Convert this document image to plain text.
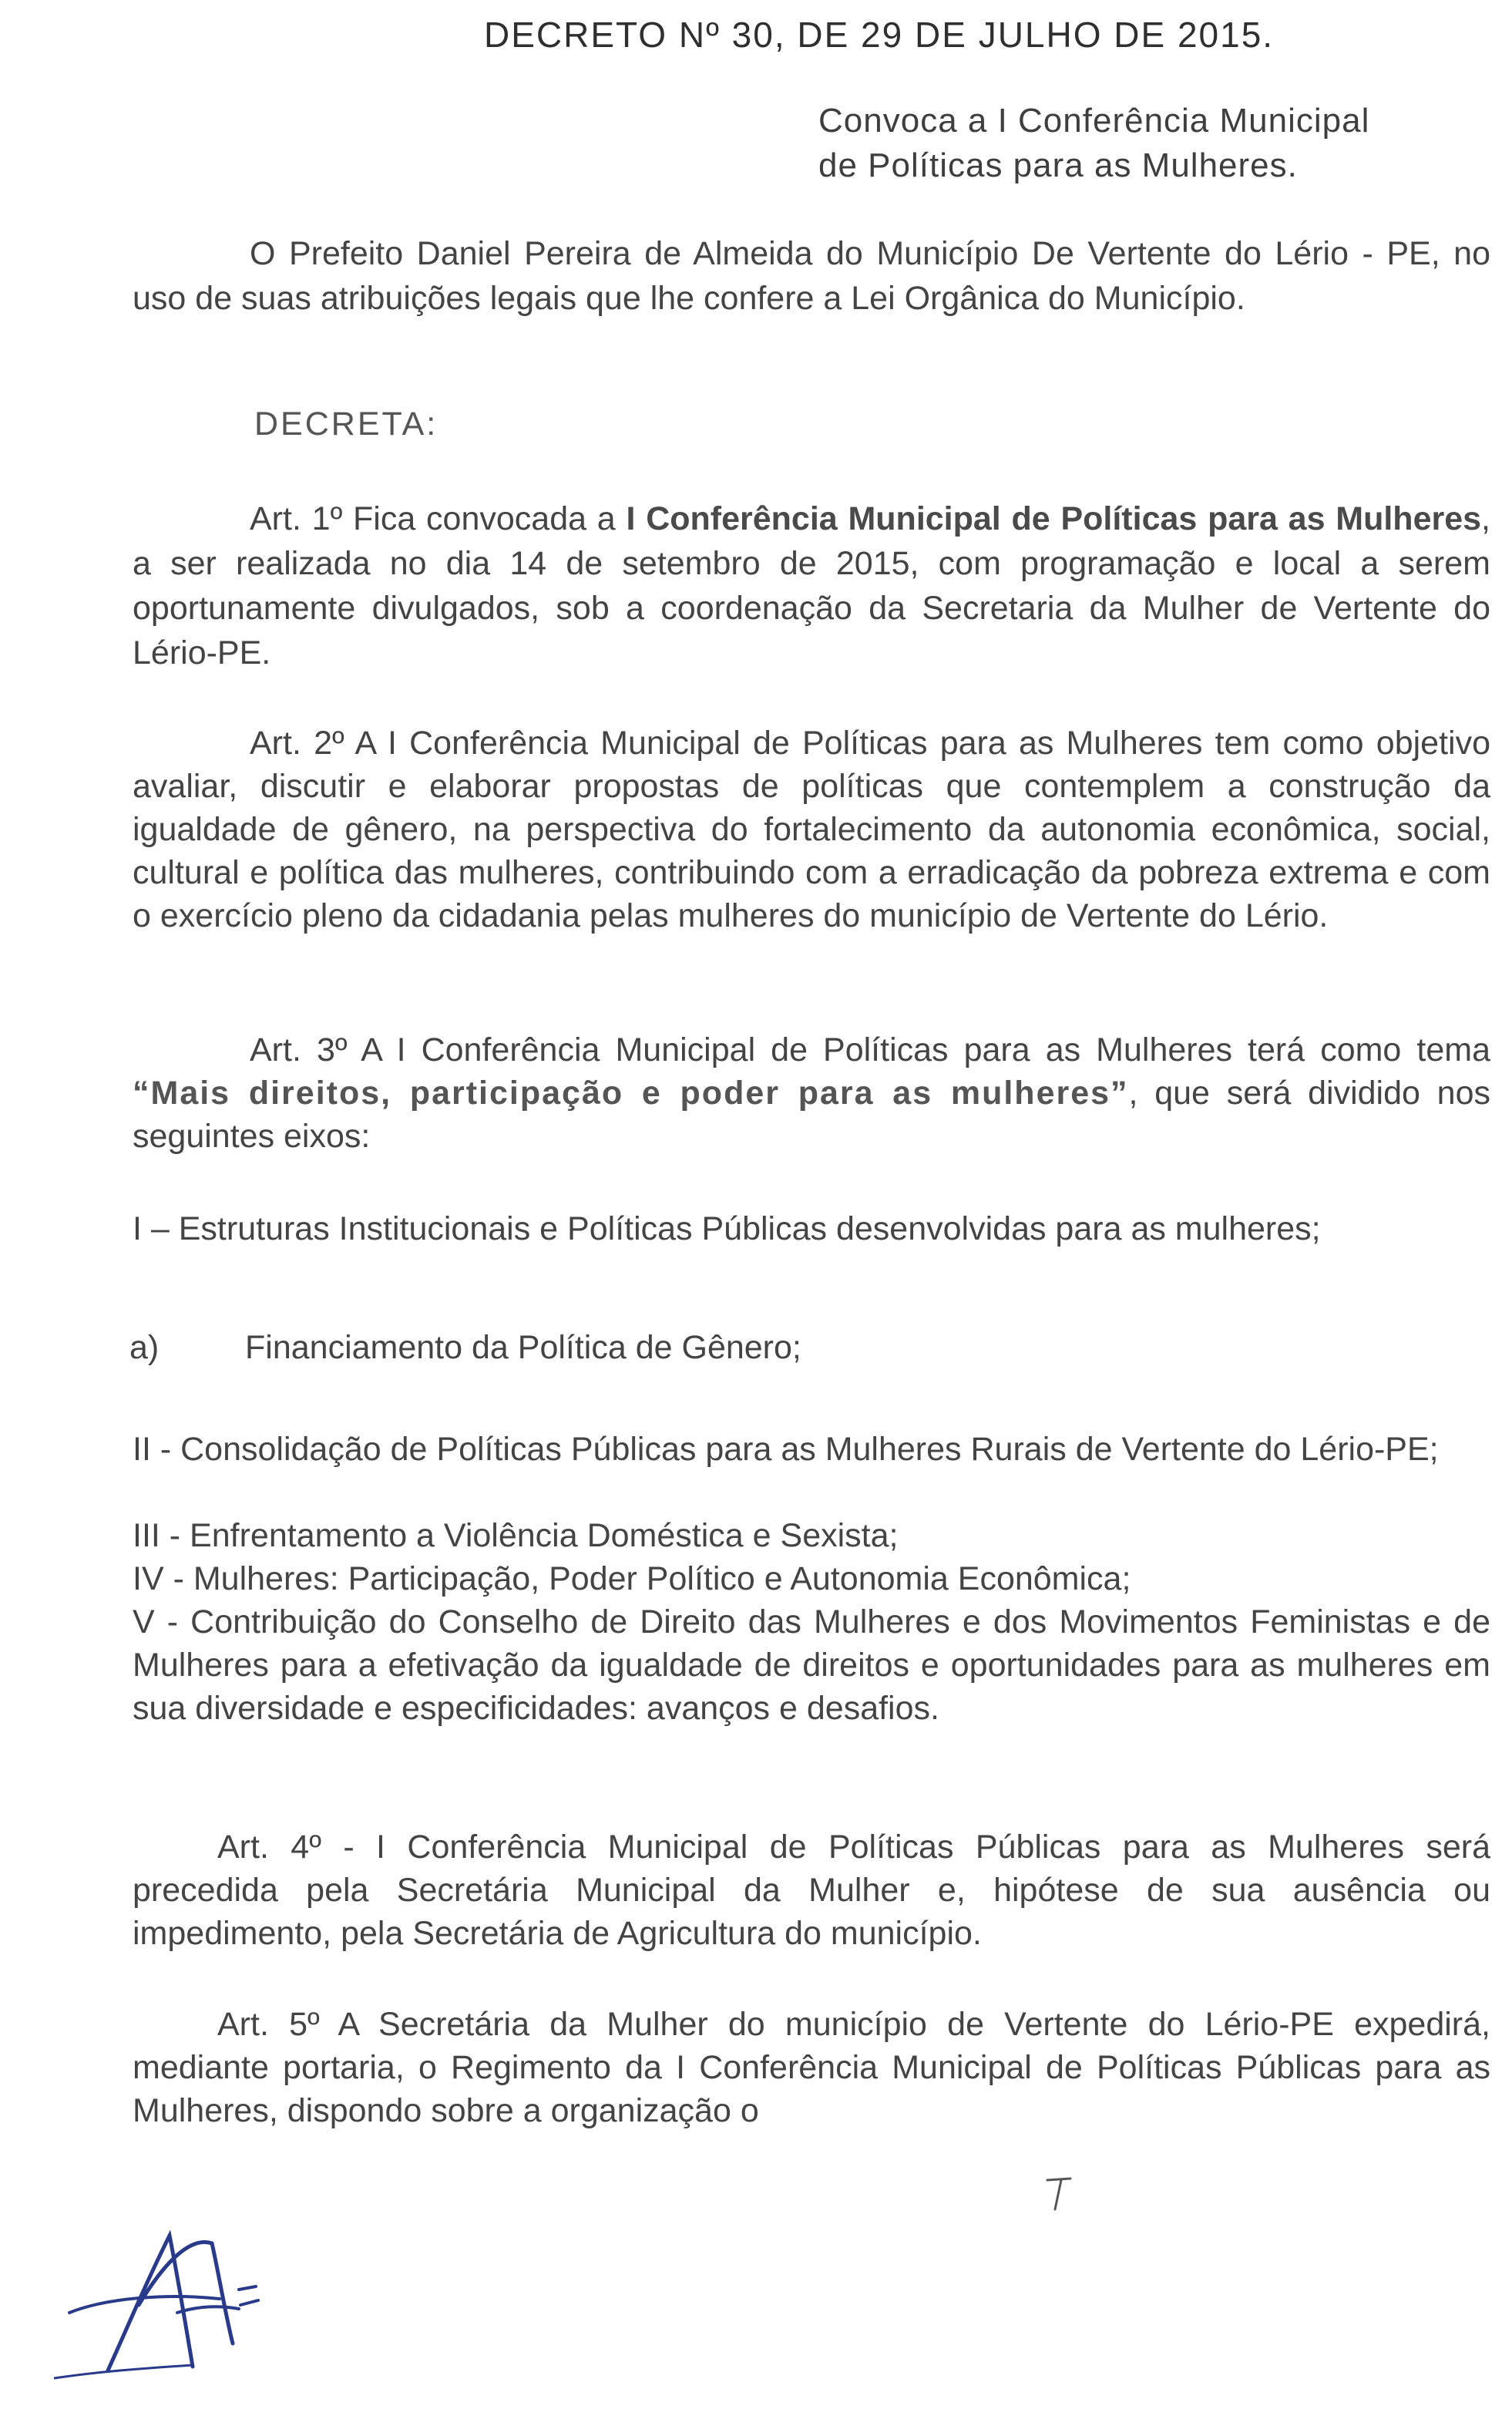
DECRETO Nº 30, DE 29 DE JULHO DE 2015.
Convoca a I Conferência Municipal
de Políticas para as Mulheres.
O Prefeito Daniel Pereira de Almeida do Município De Vertente do Lério - PE, no uso de suas atribuições legais que lhe confere a Lei Orgânica do Município.
DECRETA:
Art. 1º Fica convocada a I Conferência Municipal de Políticas para as Mulheres, a ser realizada no dia 14 de setembro de 2015, com programação e local a serem oportunamente divulgados, sob a coordenação da Secretaria da Mulher de Vertente do Lério-PE.
Art. 2º A I Conferência Municipal de Políticas para as Mulheres tem como objetivo avaliar, discutir e elaborar propostas de políticas que contemplem a construção da igualdade de gênero, na perspectiva do fortalecimento da autonomia econômica, social, cultural e política das mulheres, contribuindo com a erradicação da pobreza extrema e com o exercício pleno da cidadania pelas mulheres do município de Vertente do Lério.
Art. 3º A I Conferência Municipal de Políticas para as Mulheres terá como tema “Mais direitos, participação e poder para as mulheres”, que será dividido nos seguintes eixos:
I – Estruturas Institucionais e Políticas Públicas desenvolvidas para as mulheres;
a)	Financiamento da Política de Gênero;
II - Consolidação de Políticas Públicas para as Mulheres Rurais de Vertente do Lério-PE;
III - Enfrentamento a Violência Doméstica e Sexista;
IV - Mulheres: Participação, Poder Político e Autonomia Econômica;
V - Contribuição do Conselho de Direito das Mulheres e dos Movimentos Feministas e de Mulheres para a efetivação da igualdade de direitos e oportunidades para as mulheres em sua diversidade e especificidades: avanços e desafios.
Art. 4º - I Conferência Municipal de Políticas Públicas para as Mulheres será precedida pela Secretária Municipal da Mulher e, hipótese de sua ausência ou impedimento, pela Secretária de Agricultura do município.
Art. 5º A Secretária da Mulher do município de Vertente do Lério-PE expedirá, mediante portaria, o Regimento da I Conferência Municipal de Políticas Públicas para as Mulheres, dispondo sobre a organização o
